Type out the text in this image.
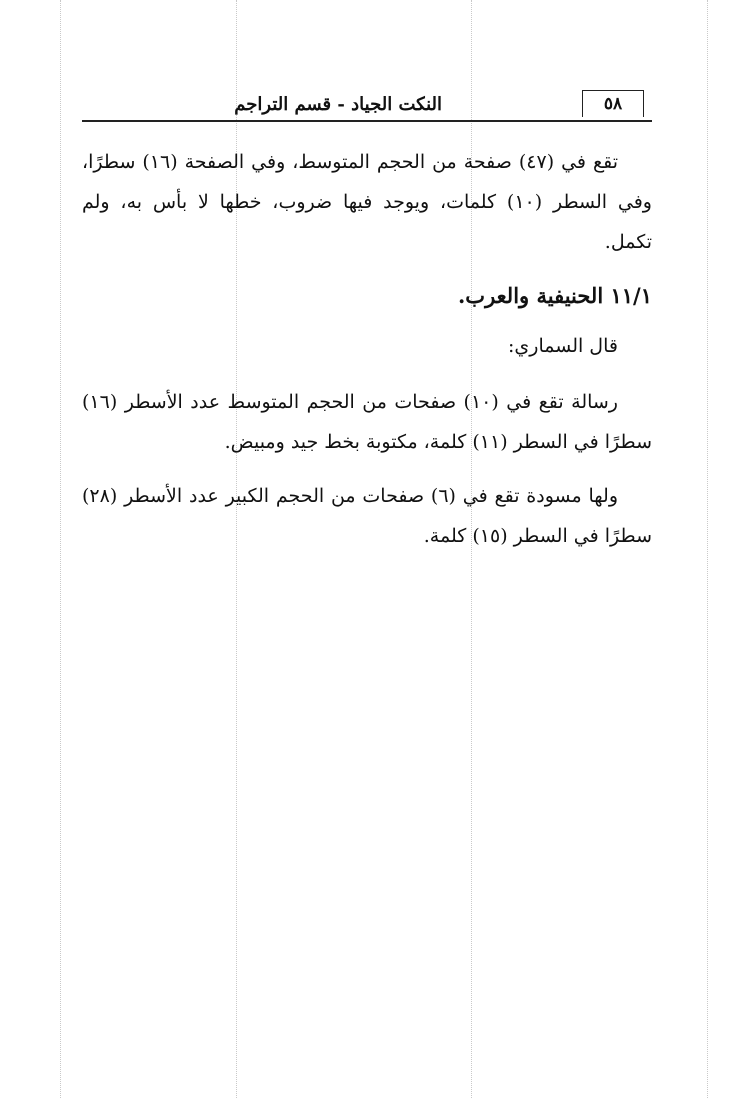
٥٨
النكت الجياد - قسم التراجم

تقع في (٤٧) صفحة من الحجم المتوسط، وفي الصفحة (١٦) سطرًا، وفي السطر (١٠) كلمات، ويوجد فيها ضروب، خطها لا بأس به، ولم تكمل.

١١/١ الحنيفية والعرب.

قال السماري:

رسالة تقع في (١٠) صفحات من الحجم المتوسط عدد الأسطر (١٦) سطرًا في السطر (١١) كلمة، مكتوبة بخط جيد ومبيض.

ولها مسودة تقع في (٦) صفحات من الحجم الكبير عدد الأسطر (٢٨) سطرًا في السطر (١٥) كلمة.
